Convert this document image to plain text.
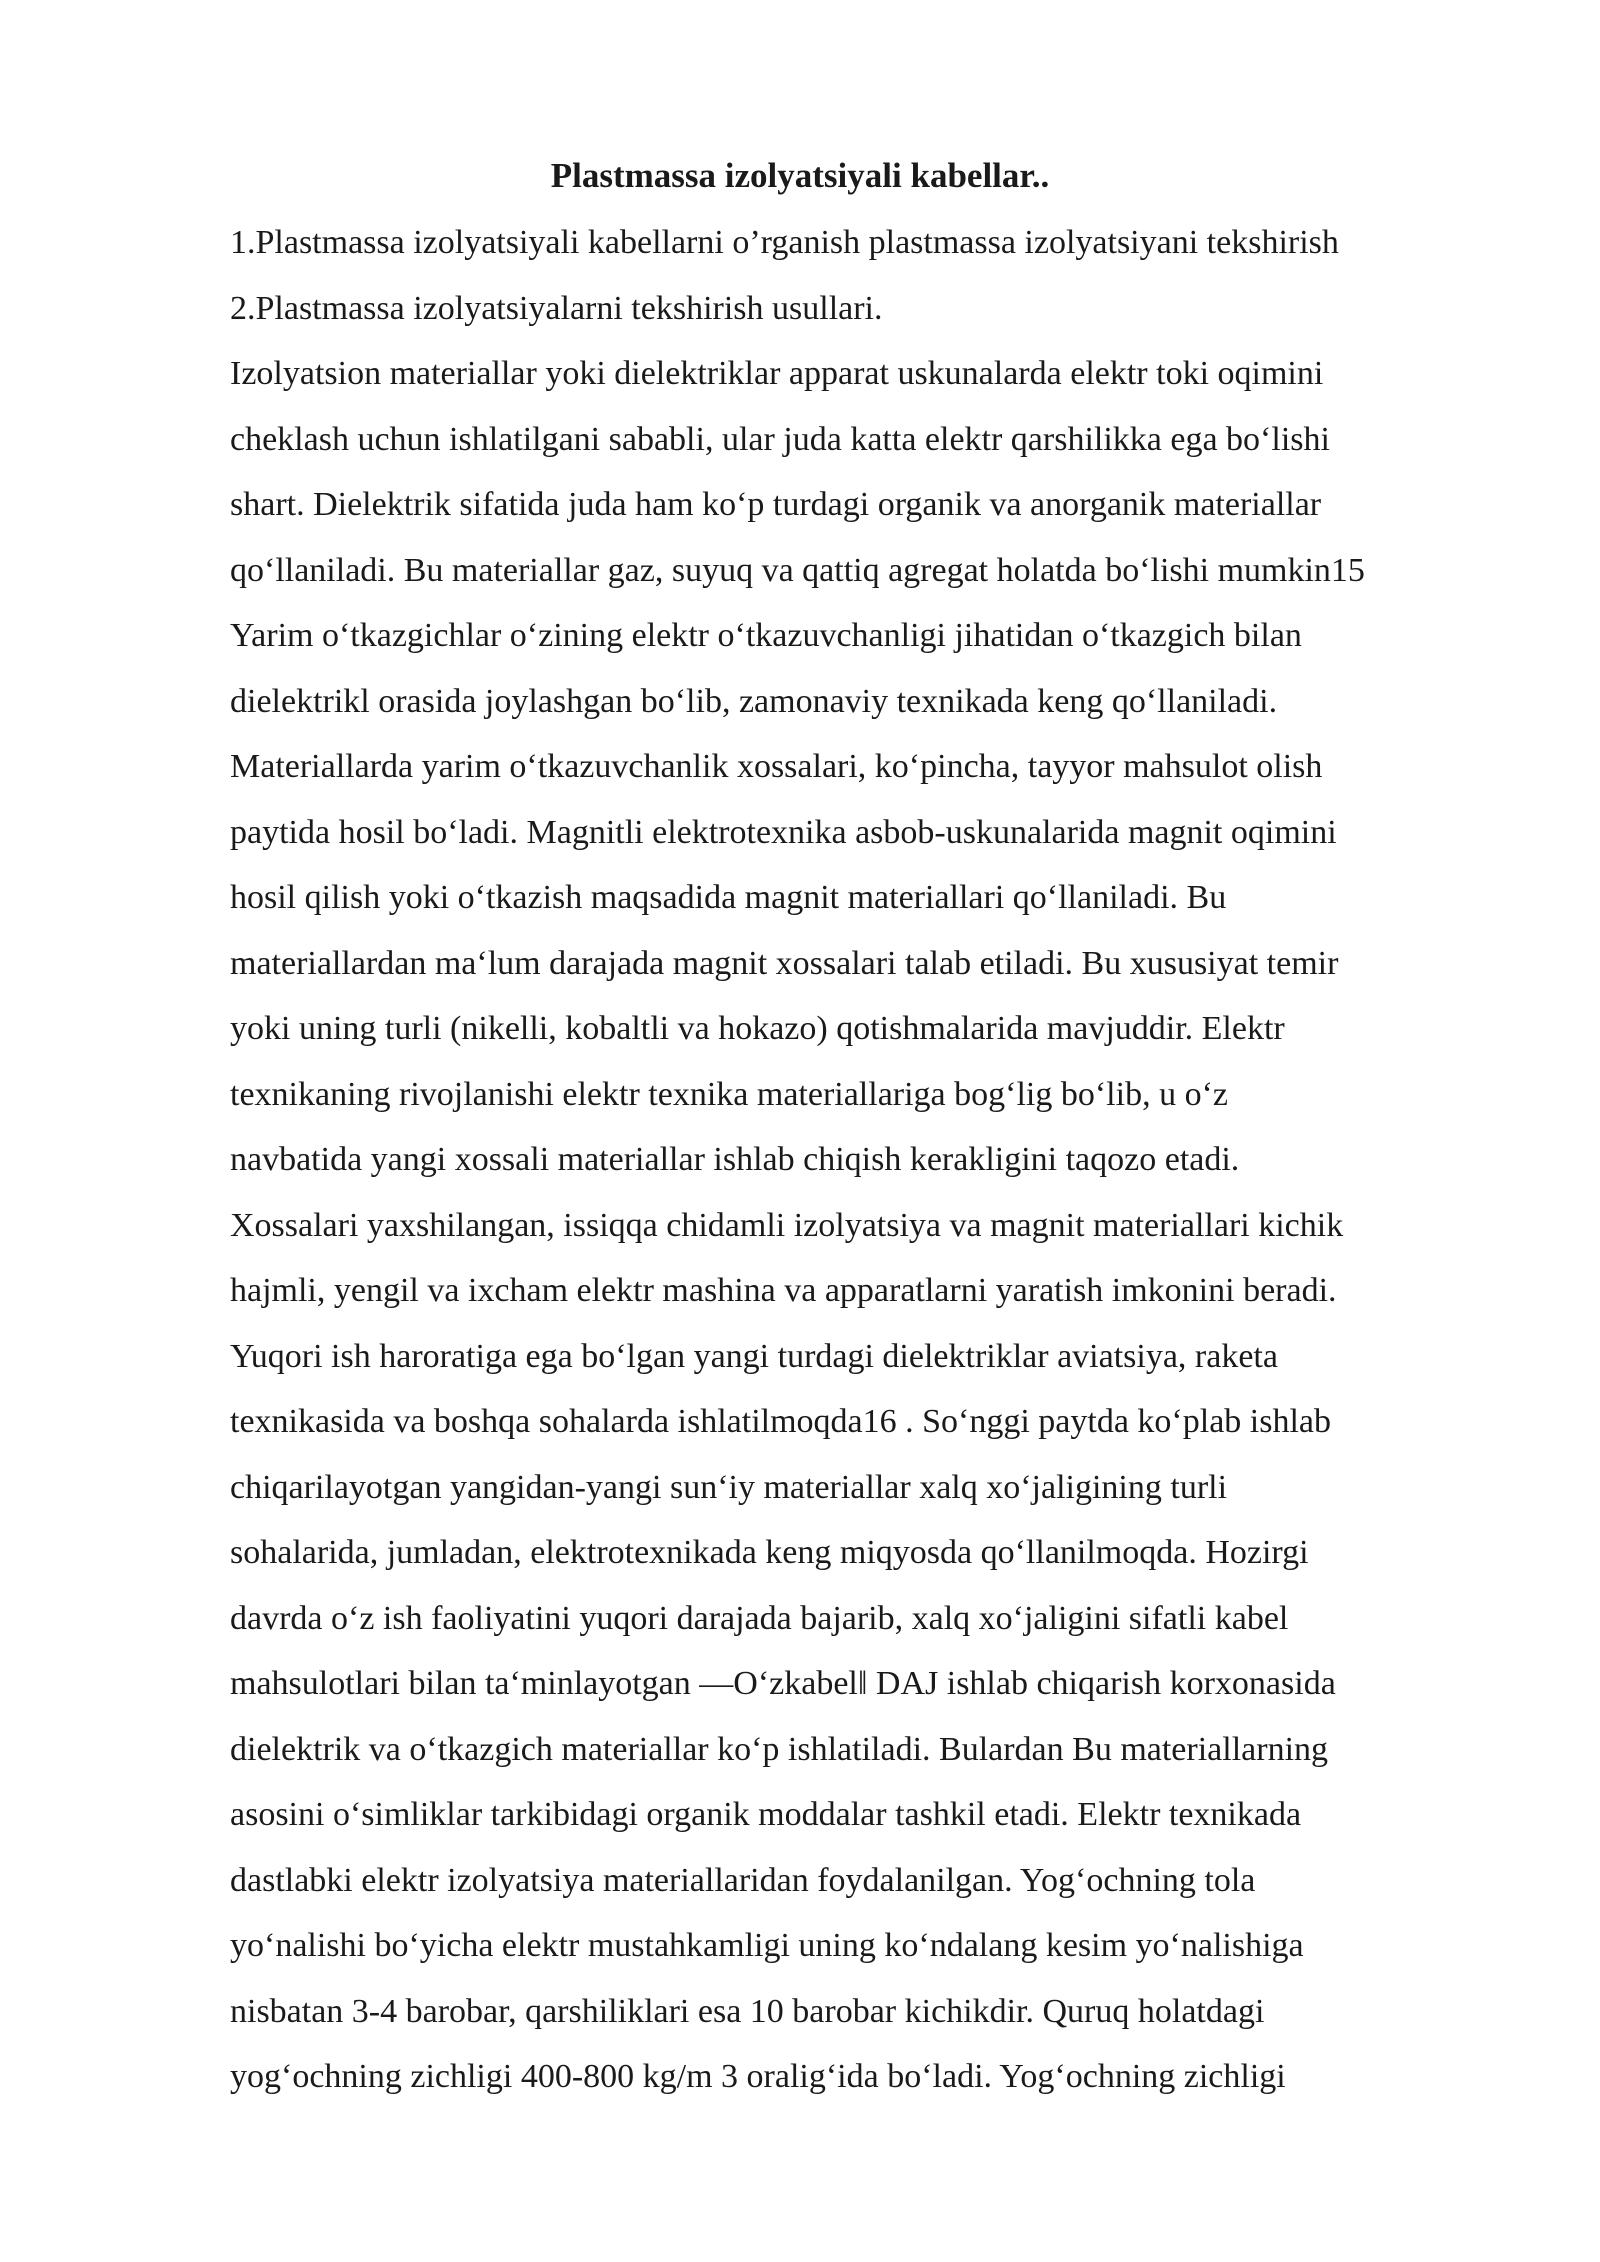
Plastmassa izolyatsiyali kabellar..
1.Plastmassa izolyatsiyali kabellarni o’rganish plastmassa izolyatsiyani tekshirish
2.Plastmassa izolyatsiyalarni tekshirish usullari.
Izolyatsion materiallar yoki dielektriklar apparat uskunalarda elektr toki oqimini
cheklash uchun ishlatilgani sababli, ular juda katta elektr qarshilikka ega bo‘lishi
shart. Dielektrik sifatida juda ham ko‘p turdagi organik va anorganik materiallar
qo‘llaniladi. Bu materiallar gaz, suyuq va qattiq agregat holatda bo‘lishi mumkin15
Yarim o‘tkazgichlar o‘zining elektr o‘tkazuvchanligi jihatidan o‘tkazgich bilan
dielektrikl orasida joylashgan bo‘lib, zamonaviy texnikada keng qo‘llaniladi.
Materiallarda yarim o‘tkazuvchanlik xossalari, ko‘pincha, tayyor mahsulot olish
paytida hosil bo‘ladi. Magnitli elektrotexnika asbob-uskunalarida magnit oqimini
hosil qilish yoki o‘tkazish maqsadida magnit materiallari qo‘llaniladi. Bu
materiallardan ma‘lum darajada magnit xossalari talab etiladi. Bu xususiyat temir
yoki uning turli (nikelli, kobaltli va hokazo) qotishmalarida mavjuddir. Elektr
texnikaning rivojlanishi elektr texnika materiallariga bog‘lig bo‘lib, u o‘z
navbatida yangi xossali materiallar ishlab chiqish kerakligini taqozo etadi.
Xossalari yaxshilangan, issiqqa chidamli izolyatsiya va magnit materiallari kichik
hajmli, yengil va ixcham elektr mashina va apparatlarni yaratish imkonini beradi.
Yuqori ish haroratiga ega bo‘lgan yangi turdagi dielektriklar aviatsiya, raketa
texnikasida va boshqa sohalarda ishlatilmoqda16 . So‘nggi paytda ko‘plab ishlab
chiqarilayotgan yangidan-yangi sun‘iy materiallar xalq xo‘jaligining turli
sohalarida, jumladan, elektrotexnikada keng miqyosda qo‘llanilmoqda. Hozirgi
davrda o‘z ish faoliyatini yuqori darajada bajarib, xalq xo‘jaligini sifatli kabel
mahsulotlari bilan ta‘minlayotgan ―O‘zkabel‖ DAJ ishlab chiqarish korxonasida
dielektrik va o‘tkazgich materiallar ko‘p ishlatiladi. Bulardan Bu materiallarning
asosini o‘simliklar tarkibidagi organik moddalar tashkil etadi. Elektr texnikada
dastlabki elektr izolyatsiya materiallaridan foydalanilgan. Yog‘ochning tola
yo‘nalishi bo‘yicha elektr mustahkamligi uning ko‘ndalang kesim yo‘nalishiga
nisbatan 3-4 barobar, qarshiliklari esa 10 barobar kichikdir. Quruq holatdagi
yog‘ochning zichligi 400-800 kg/m 3 oralig‘ida bo‘ladi. Yog‘ochning zichligi
